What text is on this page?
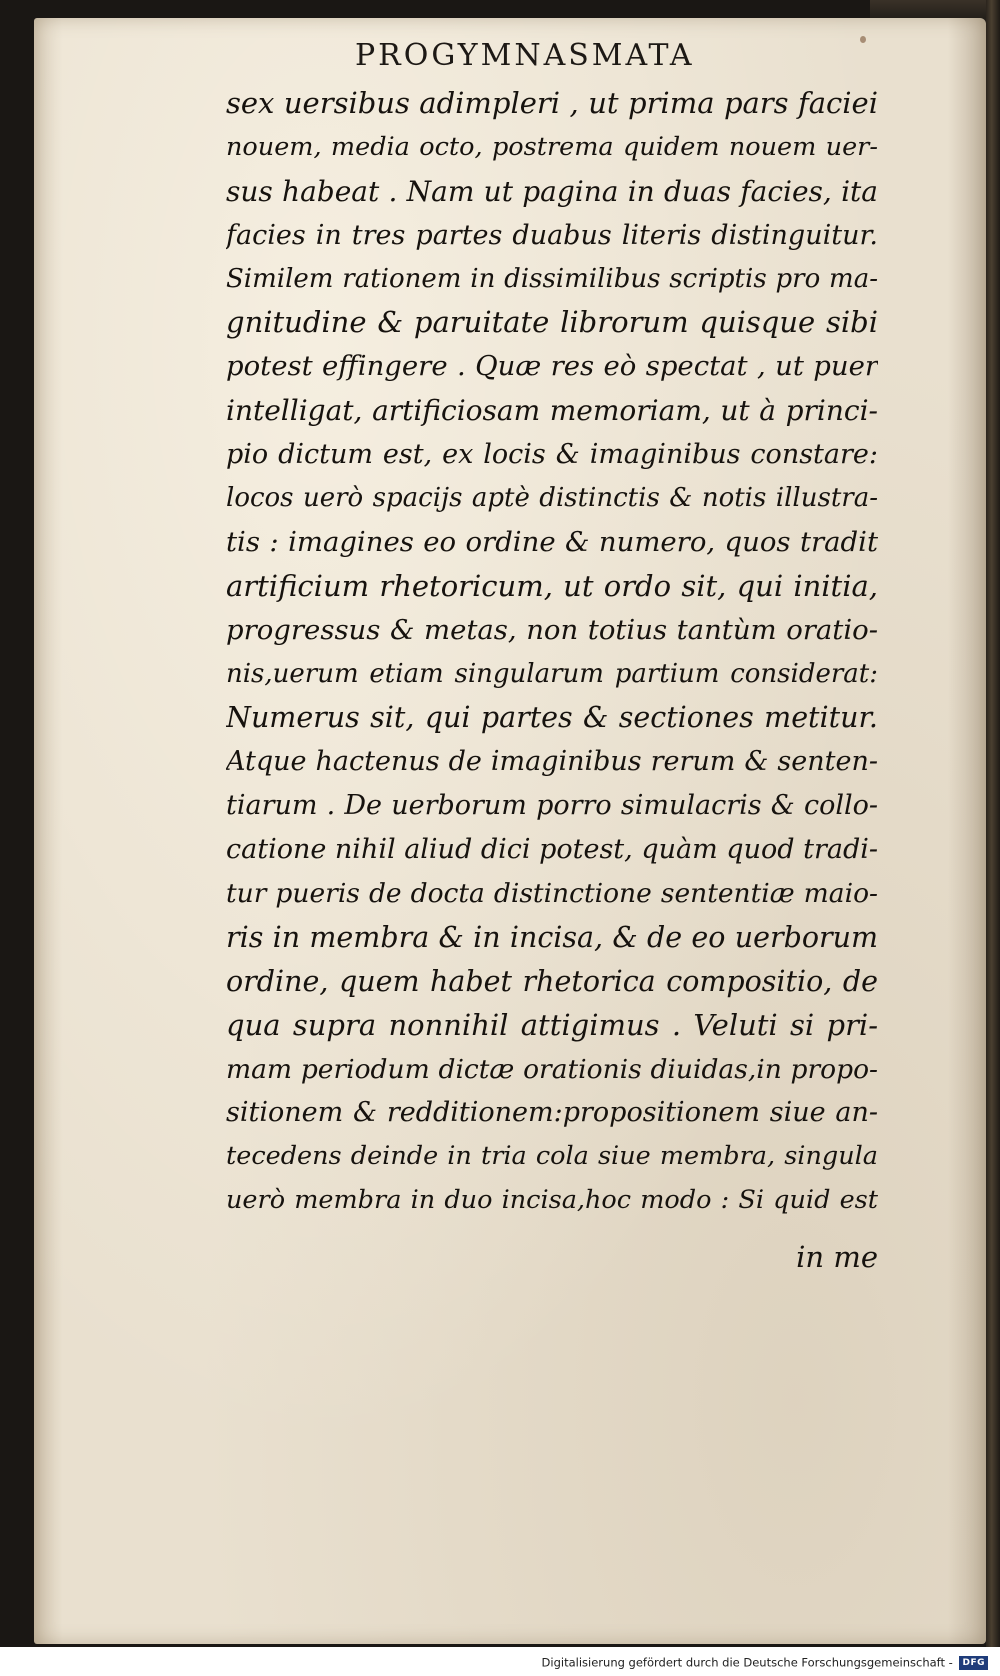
PROGYMNASMATA
sex uersibus adimpleri , ut prima pars faciei
nouem, media octo, postrema quidem nouem uer-
sus habeat . Nam ut pagina in duas facies, ita
facies in tres partes duabus literis distinguitur.
Similem rationem in dissimilibus scriptis pro ma-
gnitudine & paruitate librorum quisque sibi
potest effingere . Quæ res eò spectat , ut puer
intelligat, artificiosam memoriam, ut à princi-
pio dictum est, ex locis & imaginibus constare:
locos uerò spacijs aptè distinctis & notis illustra-
tis : imagines eo ordine & numero, quos tradit
artificium rhetoricum, ut ordo sit, qui initia,
progressus & metas, non totius tantùm oratio-
nis,uerum etiam singularum partium considerat:
Numerus sit, qui partes & sectiones metitur.
Atque hactenus de imaginibus rerum & senten-
tiarum . De uerborum porro simulacris & collo-
catione nihil aliud dici potest, quàm quod tradi-
tur pueris de docta distinctione sententiæ maio-
ris in membra & in incisa, & de eo uerborum
ordine, quem habet rhetorica compositio, de
qua supra nonnihil attigimus . Veluti si pri-
mam periodum dictæ orationis diuidas,in propo-
sitionem & redditionem:propositionem siue an-
tecedens deinde in tria cola siue membra, singula
uerò membra in duo incisa,hoc modo : Si quid est

in me

Digitalisierung gefördert durch die Deutsche Forschungsgemeinschaft - DFG
